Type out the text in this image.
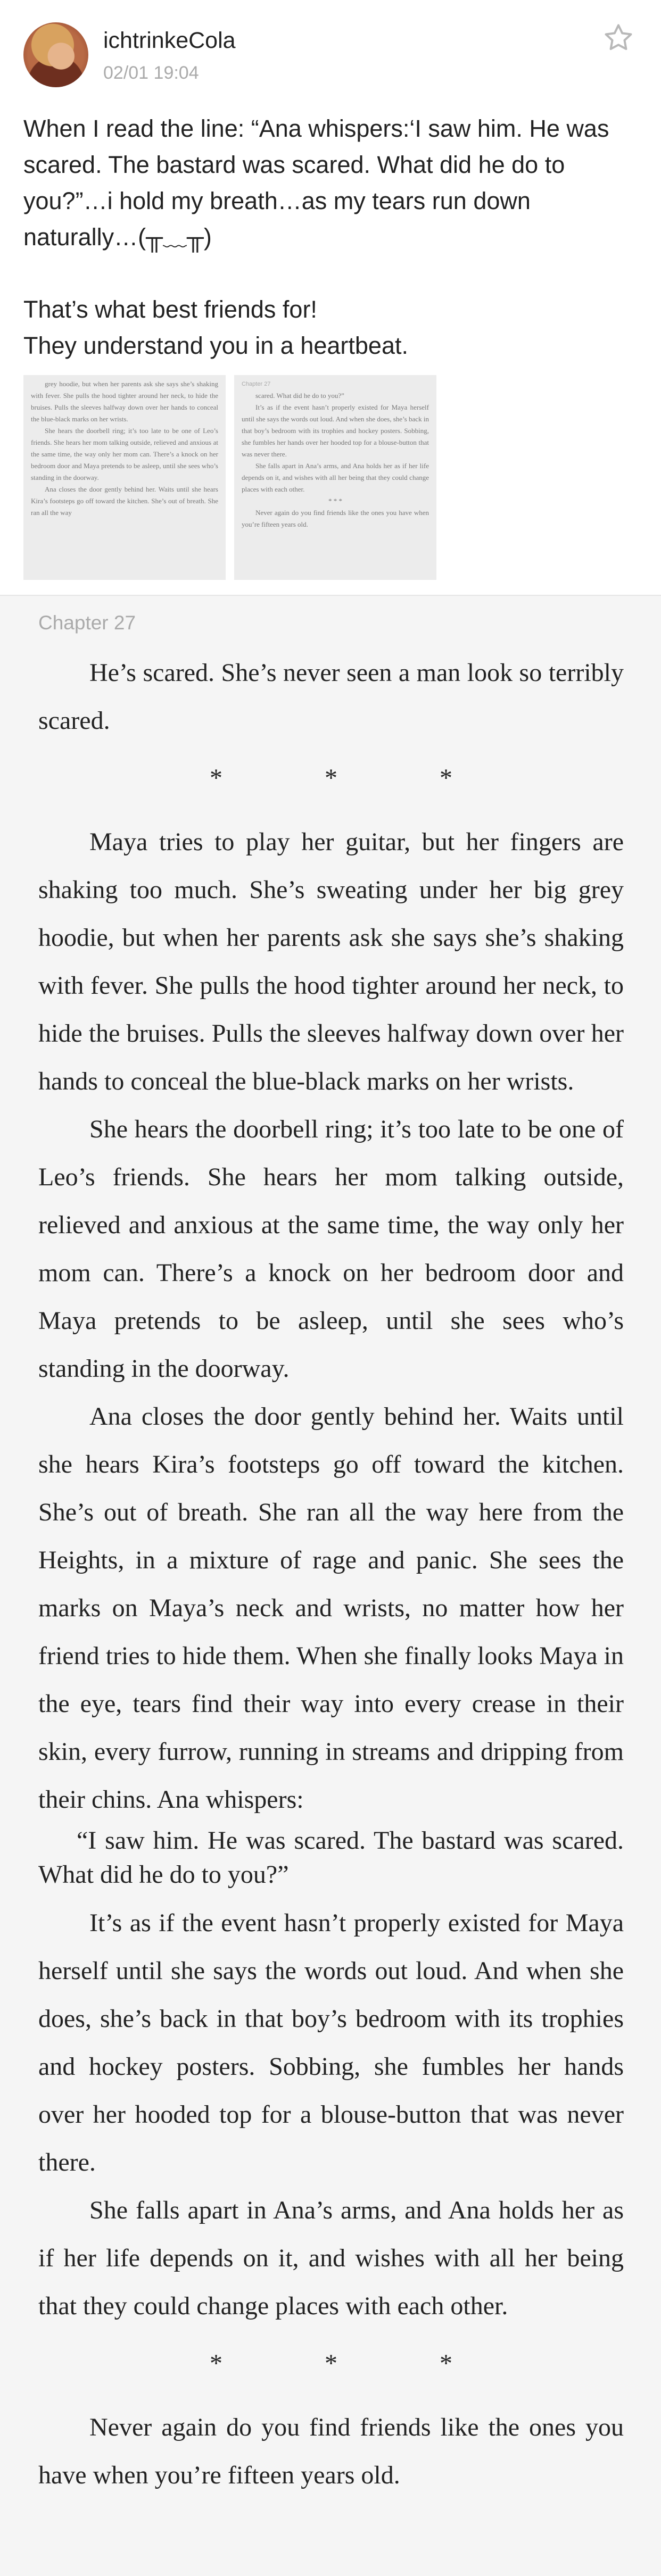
ichtrinkeCola
02/01 19:04

When I read the line: “Ana whispers:‘I saw him. He was scared. The bastard was scared. What did he do to you?”…i hold my breath…as my tears run down naturally…(╥﹏╥)

That’s what best friends for!

They understand you in a heartbeat.

grey hoodie, but when her parents ask she says she’s shaking with fever. She pulls the hood tighter around her neck, to hide the bruises. Pulls the sleeves halfway down over her hands to conceal the blue-black marks on her wrists.

She hears the doorbell ring; it’s too late to be one of Leo’s friends. She hears her mom talking outside, relieved and anxious at the same time, the way only her mom can. There’s a knock on her bedroom door and Maya pretends to be asleep, until she sees who’s standing in the doorway.

Ana closes the door gently behind her. Waits until she hears Kira’s footsteps go off toward the kitchen. She’s out of breath. She ran all the way

Chapter 27

scared. What did he do to you?”

It’s as if the event hasn’t properly existed for Maya herself until she says the words out loud. And when she does, she’s back in that boy’s bedroom with its trophies and hockey posters. Sobbing, she fumbles her hands over her hooded top for a blouse-button that was never there.

She falls apart in Ana’s arms, and Ana holds her as if her life depends on it, and wishes with all her being that they could change places with each other.

* * *

Never again do you find friends like the ones you have when you’re fifteen years old.

Chapter 27

He’s scared. She’s never seen a man look so terribly scared.

* * *

Maya tries to play her guitar, but her fingers are shaking too much. She’s sweating under her big grey hoodie, but when her parents ask she says she’s shaking with fever. She pulls the hood tighter around her neck, to hide the bruises. Pulls the sleeves halfway down over her hands to conceal the blue-black marks on her wrists.

She hears the doorbell ring; it’s too late to be one of Leo’s friends. She hears her mom talking outside, relieved and anxious at the same time, the way only her mom can. There’s a knock on her bedroom door and Maya pretends to be asleep, until she sees who’s standing in the doorway.

Ana closes the door gently behind her. Waits until she hears Kira’s footsteps go off toward the kitchen. She’s out of breath. She ran all the way here from the Heights, in a mixture of rage and panic. She sees the marks on Maya’s neck and wrists, no matter how her friend tries to hide them. When she finally looks Maya in the eye, tears find their way into every crease in their skin, every furrow, running in streams and dripping from their chins. Ana whispers:

“I saw him. He was scared. The bastard was scared. What did he do to you?”

It’s as if the event hasn’t properly existed for Maya herself until she says the words out loud. And when she does, she’s back in that boy’s bedroom with its trophies and hockey posters. Sobbing, she fumbles her hands over her hooded top for a blouse-button that was never there.

She falls apart in Ana’s arms, and Ana holds her as if her life depends on it, and wishes with all her being that they could change places with each other.

* * *

Never again do you find friends like the ones you have when you’re fifteen years old.
